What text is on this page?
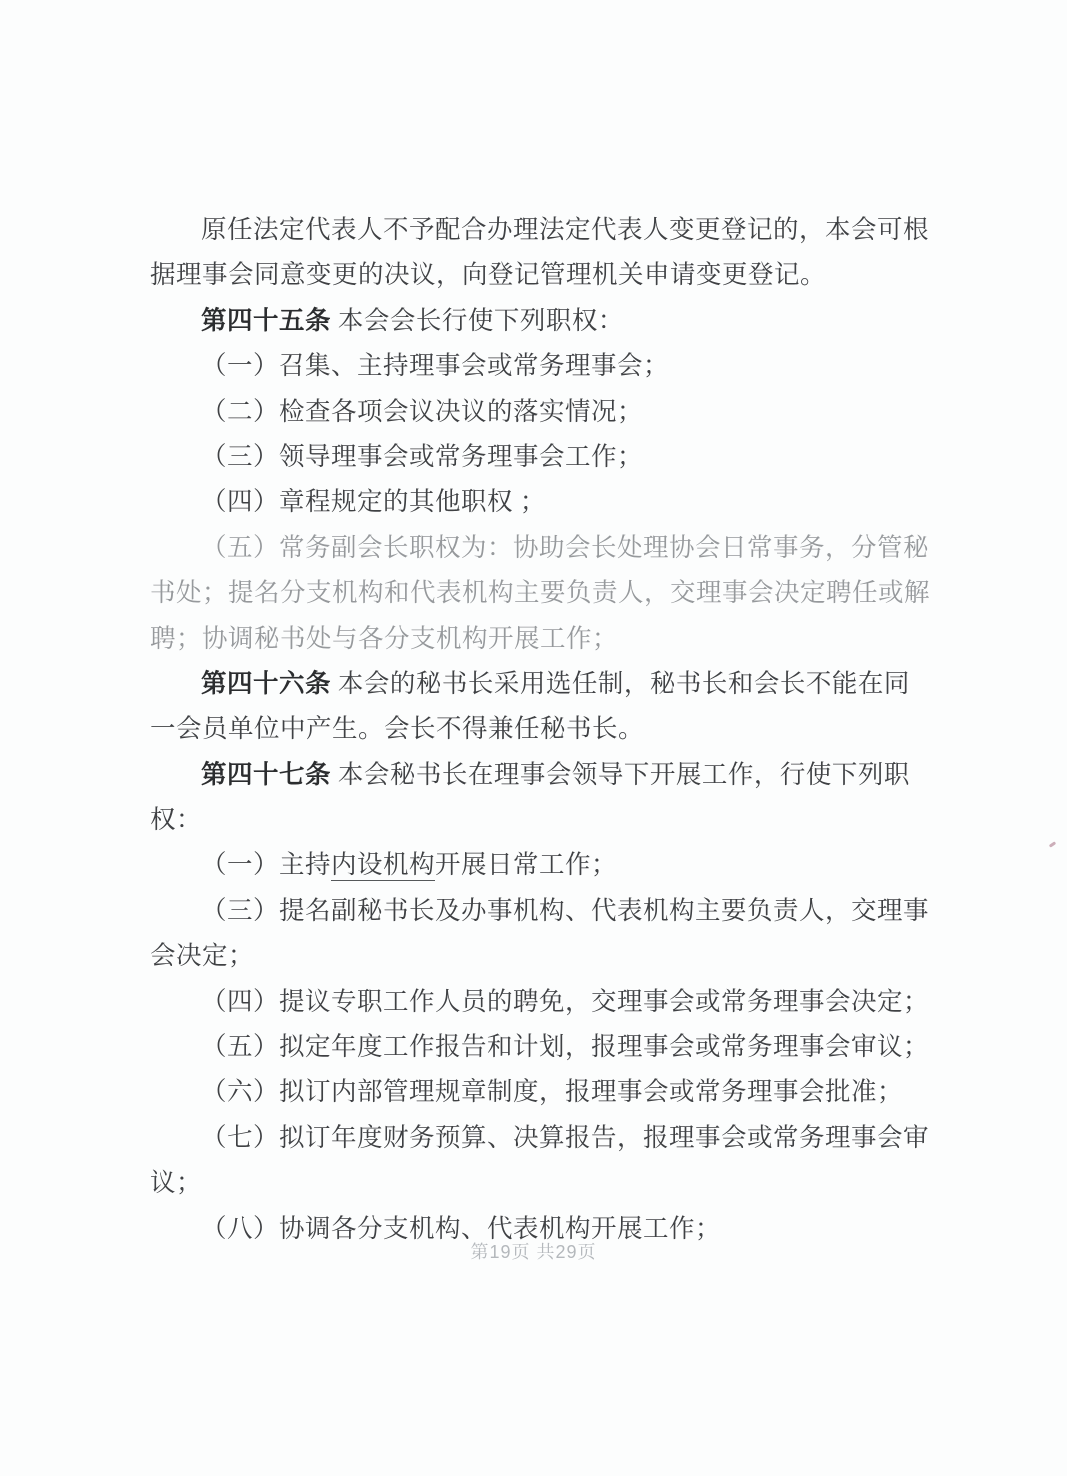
原任法定代表人不予配合办理法定代表人变更登记的，本会可根
据理事会同意变更的决议，向登记管理机关申请变更登记。
第四十五条 本会会长行使下列职权：
（一）召集、主持理事会或常务理事会；
（二）检查各项会议决议的落实情况；
（三）领导理事会或常务理事会工作；
（四）章程规定的其他职权 ；
（五）常务副会长职权为：协助会长处理协会日常事务，分管秘
书处；提名分支机构和代表机构主要负责人，交理事会决定聘任或解
聘；协调秘书处与各分支机构开展工作；
第四十六条 本会的秘书长采用选任制，秘书长和会长不能在同
一会员单位中产生。会长不得兼任秘书长。
第四十七条 本会秘书长在理事会领导下开展工作，行使下列职
权：
（一）主持内设机构开展日常工作；
（三）提名副秘书长及办事机构、代表机构主要负责人，交理事
会决定；
（四）提议专职工作人员的聘免，交理事会或常务理事会决定；
（五）拟定年度工作报告和计划，报理事会或常务理事会审议；
（六）拟订内部管理规章制度，报理事会或常务理事会批准；
（七）拟订年度财务预算、决算报告，报理事会或常务理事会审
议；
（八）协调各分支机构、代表机构开展工作；
第19页 共29页
